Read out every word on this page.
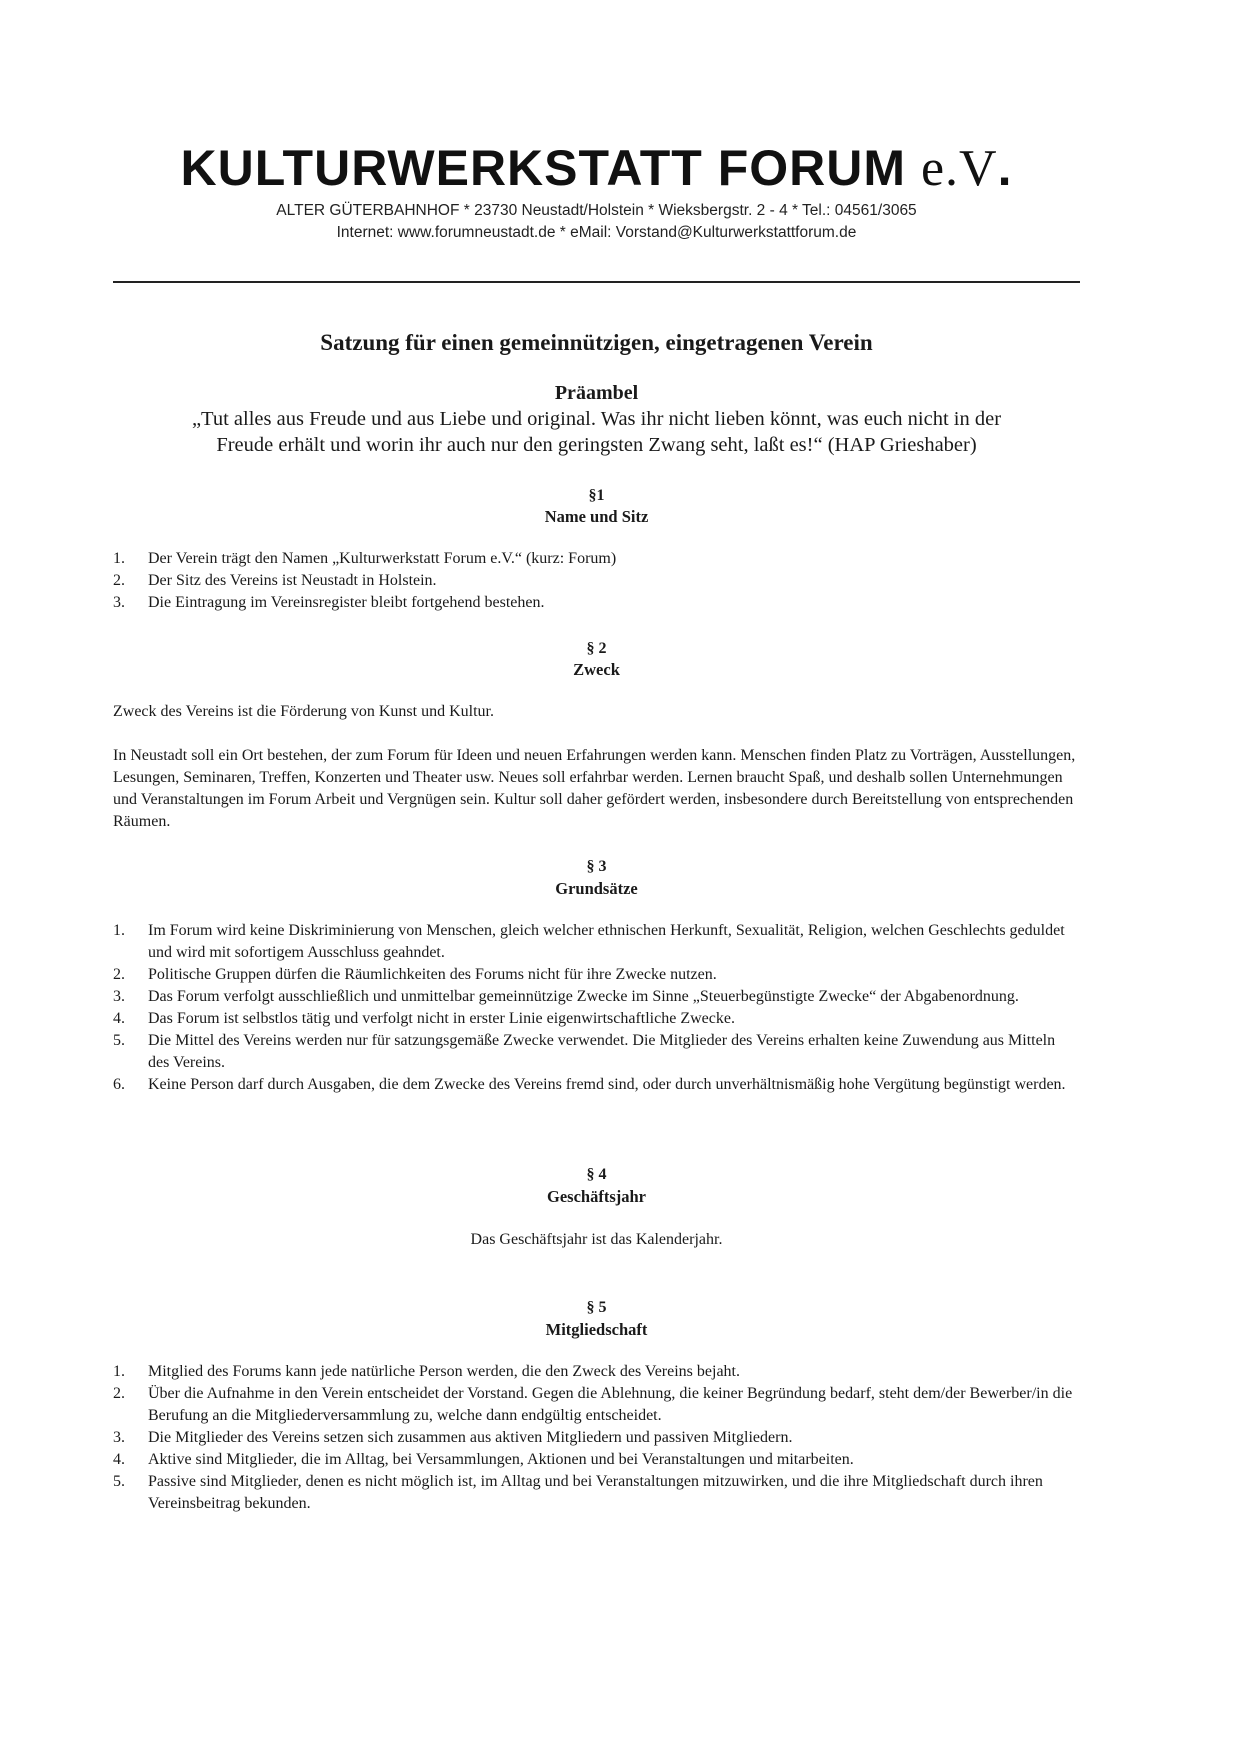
KULTURWERKSTATT FORUM e.V.
ALTER GÜTERBAHNHOF * 23730 Neustadt/Holstein * Wieksbergstr. 2 - 4 * Tel.: 04561/3065
Internet: www.forumneustadt.de * eMail: Vorstand@Kulturwerkstattforum.de
Satzung für einen gemeinnützigen, eingetragenen Verein
Präambel
„Tut alles aus Freude und aus Liebe und original. Was ihr nicht lieben könnt, was euch nicht in der
Freude erhält und worin ihr auch nur den geringsten Zwang seht, laßt es!“ (HAP Grieshaber)
§1
Name und Sitz
1. Der Verein trägt den Namen „Kulturwerkstatt Forum e.V.“ (kurz: Forum)
2. Der Sitz des Vereins ist Neustadt in Holstein.
3. Die Eintragung im Vereinsregister bleibt fortgehend bestehen.
§ 2
Zweck

Zweck des Vereins ist die Förderung von Kunst und Kultur.

In Neustadt soll ein Ort bestehen, der zum Forum für Ideen und neuen Erfahrungen werden kann. Menschen finden Platz zu Vorträgen, Ausstellungen, Lesungen, Seminaren, Treffen, Konzerten und Theater usw. Neues soll erfahrbar werden. Lernen braucht Spaß, und deshalb sollen Unternehmungen und Veranstaltungen im Forum Arbeit und Vergnügen sein. Kultur soll daher gefördert werden, insbesondere durch Bereitstellung von entsprechenden Räumen.

§ 3
Grundsätze
1. Im Forum wird keine Diskriminierung von Menschen, gleich welcher ethnischen Herkunft, Sexualität, Religion, welchen Geschlechts geduldet und wird mit sofortigem Ausschluss geahndet.
2. Politische Gruppen dürfen die Räumlichkeiten des Forums nicht für ihre Zwecke nutzen.
3. Das Forum verfolgt ausschließlich und unmittelbar gemeinnützige Zwecke im Sinne „Steuerbegünstigte Zwecke“ der Abgabenordnung.
4. Das Forum ist selbstlos tätig und verfolgt nicht in erster Linie eigenwirtschaftliche Zwecke.
5. Die Mittel des Vereins werden nur für satzungsgemäße Zwecke verwendet. Die Mitglieder des Vereins erhalten keine Zuwendung aus Mitteln des Vereins.
6. Keine Person darf durch Ausgaben, die dem Zwecke des Vereins fremd sind, oder durch unverhältnismäßig hohe Vergütung begünstigt werden.
§ 4
Geschäftsjahr

Das Geschäftsjahr ist das Kalenderjahr.

§ 5
Mitgliedschaft
1. Mitglied des Forums kann jede natürliche Person werden, die den Zweck des Vereins bejaht.
2. Über die Aufnahme in den Verein entscheidet der Vorstand. Gegen die Ablehnung, die keiner Begründung bedarf, steht dem/der Bewerber/in die Berufung an die Mitgliederversammlung zu, welche dann endgültig entscheidet.
3. Die Mitglieder des Vereins setzen sich zusammen aus aktiven Mitgliedern und passiven Mitgliedern.
4. Aktive sind Mitglieder, die im Alltag, bei Versammlungen, Aktionen und bei Veranstaltungen und mitarbeiten.
5. Passive sind Mitglieder, denen es nicht möglich ist, im Alltag und bei Veranstaltungen mitzuwirken, und die ihre Mitgliedschaft durch ihren Vereinsbeitrag bekunden.
